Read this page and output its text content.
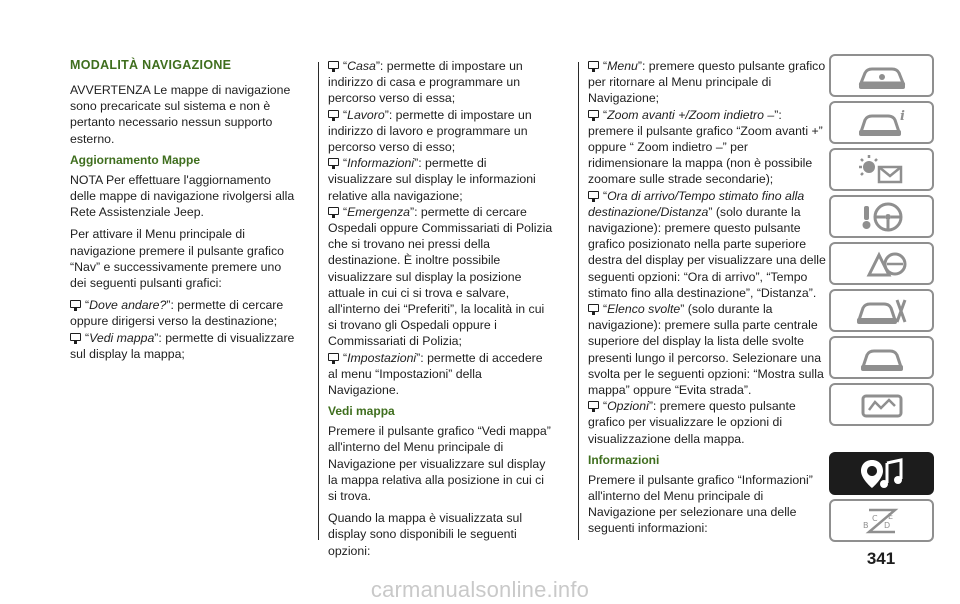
MODALITÀ NAVIGAZIONE

AVVERTENZA Le mappe di navigazione sono precaricate sul sistema e non è pertanto necessario nessun supporto esterno.

Aggiornamento Mappe

NOTA Per effettuare l'aggiornamento delle mappe di navigazione rivolgersi alla Rete Assistenziale Jeep.

Per attivare il Menu principale di navigazione premere il pulsante grafico “Nav” e successivamente premere uno dei seguenti pulsanti grafici:

“Dove andare?”: permette di cercare oppure dirigersi verso la destinazione;
“Vedi mappa”: permette di visualizzare sul display la mappa;
“Casa”: permette di impostare un indirizzo di casa e programmare un percorso verso di essa;
“Lavoro”: permette di impostare un indirizzo di lavoro e programmare un percorso verso di esso;
“Informazioni”: permette di visualizzare sul display le informazioni relative alla navigazione;
“Emergenza”: permette di cercare Ospedali oppure Commissariati di Polizia che si trovano nei pressi della destinazione. È inoltre possibile visualizzare sul display la posizione attuale in cui ci si trova e salvare, all'interno dei “Preferiti”, la località in cui si trovano gli Ospedali oppure i Commissariati di Polizia;
“Impostazioni”: permette di accedere al menu “Impostazioni” della Navigazione.
Vedi mappa

Premere il pulsante grafico “Vedi mappa” all'interno del Menu principale di Navigazione per visualizzare sul display la mappa relativa alla posizione in cui ci si trova.

Quando la mappa è visualizzata sul display sono disponibili le seguenti opzioni:

“Menu”: premere questo pulsante grafico per ritornare al Menu principale di Navigazione;
“Zoom avanti +/Zoom indietro –”: premere il pulsante grafico “Zoom avanti +” oppure “ Zoom indietro –” per ridimensionare la mappa (non è possibile zoomare sulle strade secondarie);
“Ora di arrivo/Tempo stimato fino alla destinazione/Distanza” (solo durante la navigazione): premere questo pulsante grafico posizionato nella parte superiore destra del display per visualizzare una delle seguenti opzioni: “Ora di arrivo”, “Tempo stimato fino alla destinazione”, “Distanza”.
“Elenco svolte” (solo durante la navigazione): premere sulla parte centrale superiore del display la lista delle svolte presenti lungo il percorso. Selezionare una svolta per le seguenti opzioni: “Mostra sulla mappa” oppure “Evita strada”.
“Opzioni”: premere questo pulsante grafico per visualizzare le opzioni di visualizzazione della mappa.
Informazioni

Premere il pulsante grafico “Informazioni” all'interno del Menu principale di Navigazione per selezionare una delle seguenti informazioni:

i
C E
B D
341
carmanualsonline.info
